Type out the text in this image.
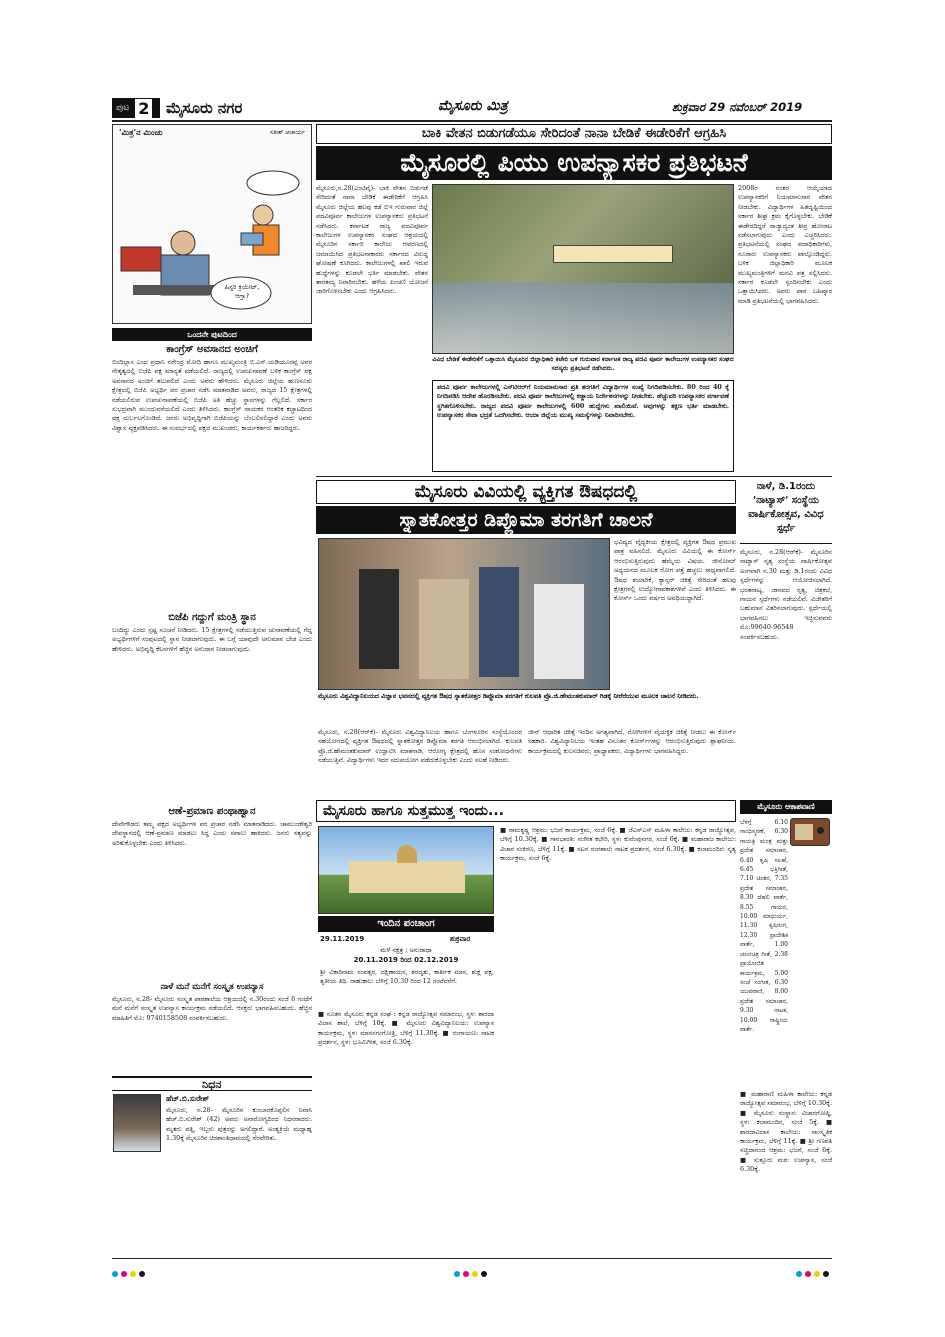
ಪುಟ 2 ಮೈಸೂರು ನಗರ	ಮೈಸೂರು ಮಿತ್ರ	ಶುಕ್ರವಾರ 29 ನವೆಂಬರ್ 2019
'ಮಿತ್ರ'ನ ಮಿಂಚು	ಸತೀಶ್ ಆಚಾರ್ಯ
ಹಿಸ್ಟರಿ ಕ್ರಿಯೇಟ್, ಆಗ್ತಾ?
ಒಂದನೇ ಪುಟದಿಂದ
ಕಾಂಗ್ರೆಸ್ ಅವಸಾನದ ಅಂಚಿಗೆ
ಬಿಂದಿಲ್ಲಾಸ ಎಂದ ಪ್ರಧಾನಿ ನರೇಂದ್ರ ಮೋದಿ ಹಾಗೂ ಮುಖ್ಯಮಂತ್ರಿ ಬಿ.ಎಸ್.ಯಡಿಯೂರಪ್ಪ ಅವರ ನೇತೃತ್ವದಲ್ಲಿ ಬಿಜೆಪಿ ಪಕ್ಷ ಮಾನ್ಯತೆ ಪಡೆಯಲಿದೆ. ರಾಜ್ಯದಲ್ಲಿ ಉಪಚುನಾವಣೆ ಬಳಿಕ ಕಾಂಗ್ರೆಸ್ ಪಕ್ಷ ಅವಸಾನದ ಅಂಚಿಗೆ ತಲುಪಲಿದೆ ಎಂದು ಅವರು ಹೇಳಿದರು. ಮೈಸೂರು ಜಿಲ್ಲೆಯ ಹುಣಸೂರು ಕ್ಷೇತ್ರದಲ್ಲಿ ಬಿಜೆಪಿ ಅಭ್ಯರ್ಥಿ ಪರ ಪ್ರಚಾರ ನಡೆಸಿ ಮಾತನಾಡಿದ ಅವರು, ರಾಜ್ಯದ 15 ಕ್ಷೇತ್ರಗಳಲ್ಲಿ ನಡೆಯಲಿರುವ ಉಪಚುನಾವಣೆಯಲ್ಲಿ ಬಿಜೆಪಿ ಅತಿ ಹೆಚ್ಚು ಸ್ಥಾನಗಳನ್ನು ಗೆಲ್ಲಲಿದೆ. ಸರ್ಕಾರ ಸುಭದ್ರವಾಗಿ ಮುಂದುವರೆಯಲಿದೆ ಎಂದು ತಿಳಿಸಿದರು. ಕಾಂಗ್ರೆಸ್ ನಾಯಕರ ಆಂತರಿಕ ಕಚ್ಚಾಟದಿಂದ ಪಕ್ಷ ದುರ್ಬಲಗೊಂಡಿದೆ. ಜನರು ಅಭಿವೃದ್ಧಿಗಾಗಿ ಬಿಜೆಪಿಯನ್ನು ಬೆಂಬಲಿಸಲಿದ್ದಾರೆ ಎಂದು ಅವರು ವಿಶ್ವಾಸ ವ್ಯಕ್ತಪಡಿಸಿದರು. ಈ ಸಂದರ್ಭದಲ್ಲಿ ಪಕ್ಷದ ಮುಖಂಡರು, ಕಾರ್ಯಕರ್ತರು ಹಾಜರಿದ್ದರು.
ಬಿಜೆಪಿ ಗದ್ದುಗೆ ಮಂತ್ರಿ ಸ್ಥಾನ
ಬಂದಿದ್ದು ಎಂದು ಸ್ಪಷ್ಟ ಸೂಚನೆ ನೀಡಿದರು. 15 ಕ್ಷೇತ್ರಗಳಲ್ಲಿ ನಡೆಯುತ್ತಿರುವ ಚುನಾವಣೆಯಲ್ಲಿ ಗೆದ್ದ ಅಭ್ಯರ್ಥಿಗಳಿಗೆ ಸಂಪುಟದಲ್ಲಿ ಸ್ಥಾನ ನೀಡಲಾಗುವುದು. ಈ ಬಗ್ಗೆ ಯಾವುದೇ ಅನುಮಾನ ಬೇಡ ಎಂದು ಹೇಳಿದರು. ಅಭಿವೃದ್ಧಿ ಕೆಲಸಗಳಿಗೆ ಹೆಚ್ಚಿನ ಅನುದಾನ ನೀಡಲಾಗುವುದು.
ಆಣೆ-ಪ್ರಮಾಣ ಪಂಥಾಹ್ವಾನ
ದೇವೇಗೌಡರು ತಮ್ಮ ಪಕ್ಷದ ಅಭ್ಯರ್ಥಿಗಳ ಪರ ಪ್ರಚಾರ ನಡೆಸಿ ಮಾತನಾಡಿದರು. ಚಾಮುಂಡೇಶ್ವರಿ ದೇವಸ್ಥಾನದಲ್ಲಿ ಆಣೆ-ಪ್ರಮಾಣ ಮಾಡಲು ಸಿದ್ಧ ಎಂದು ಸವಾಲು ಹಾಕಿದರು. ಜನರು ಸತ್ಯವನ್ನು ಅರಿತುಕೊಳ್ಳಬೇಕು ಎಂದು ತಿಳಿಸಿದರು.
ನಾಳೆ ಮನೆ ಮನೆಗೆ ಸಂಸ್ಕೃತ ಉಪನ್ಯಾಸ
ಮೈಸೂರು, ನ.28- ಮೈಸೂರು ಸಂಸ್ಕೃತ ಪಾಠಶಾಲೆಯ ಆಶ್ರಯದಲ್ಲಿ ನ.30ರಂದು ಸಂಜೆ 6 ಗಂಟೆಗೆ ಮನೆ ಮನೆಗೆ ಸಂಸ್ಕೃತ ಉಪನ್ಯಾಸ ಕಾರ್ಯಕ್ರಮ ನಡೆಯಲಿದೆ. ಆಸಕ್ತರು ಭಾಗವಹಿಸಬಹುದು. ಹೆಚ್ಚಿನ ಮಾಹಿತಿಗೆ ಮೊ: 9740158508 ಸಂಪರ್ಕಿಸಬಹುದು.
ನಿಧನ
ಹೆಚ್.ಬಿ.ಸುರೇಶ್
ಮೈಸೂರು, ನ.28- ಮೈಸೂರಿನ ಕುಂಬಾರಕೊಪ್ಪಲಿನ ನಿವಾಸಿ ಹೆಚ್.ಬಿ.ಸುರೇಶ್ (42) ಅವರು ಅನಾರೋಗ್ಯದಿಂದ ನಿಧನರಾದರು. ಮೃತರು ಪತ್ನಿ, ಇಬ್ಬರು ಪುತ್ರರನ್ನು ಅಗಲಿದ್ದಾರೆ. ಅಂತ್ಯಕ್ರಿಯೆ ಮಧ್ಯಾಹ್ನ 1.30ಕ್ಕೆ ಮೈಸೂರಿನ ಚಿರಶಾಂತಿಧಾಮದಲ್ಲಿ ನೆರವೇರಿತು.
ಬಾಕಿ ವೇತನ ಬಿಡುಗಡೆಯೂ ಸೇರಿದಂತೆ ನಾನಾ ಬೇಡಿಕೆ ಈಡೇರಿಕೆಗೆ ಆಗ್ರಹಿಸಿ
ಮೈಸೂರಲ್ಲಿ ಪಿಯು ಉಪನ್ಯಾಸಕರ ಪ್ರತಿಭಟನೆ
ಮೈಸೂರು,ನ.28(ಎಂಟಿವೈ)- ಬಾಕಿ ವೇತನ ಬಿಡುಗಡೆ ಸೇರಿದಂತೆ ನಾನಾ ಬೇಡಿಕೆ ಈಡೇರಿಕೆಗೆ ಆಗ್ರಹಿಸಿ ಮೈಸೂರು ಜಿಲ್ಲೆಯ ಹಲವು ಕಡೆ ಬಿಇ ಗುರುವಾರ ಜಿಲ್ಲೆ ಪದವಿಪೂರ್ವ ಕಾಲೇಜುಗಳ ಉಪನ್ಯಾಸಕರು ಪ್ರತಿಭಟನೆ ನಡೆಸಿದರು. ಕರ್ನಾಟಕ ರಾಜ್ಯ ಪದವಿಪೂರ್ವ ಕಾಲೇಜುಗಳ ಉಪನ್ಯಾಸಕರ ಸಂಘದ ಆಶ್ರಯದಲ್ಲಿ ಮೈಸೂರಿನ ಸರ್ಕಾರಿ ಕಾಲೇಜು ಆವರಣದಲ್ಲಿ ಜಮಾಯಿಸಿದ ಪ್ರತಿಭಟನಾಕಾರರು ಸರ್ಕಾರದ ವಿರುದ್ಧ ಘೋಷಣೆ ಕೂಗಿದರು. ಕಾಲೇಜುಗಳಲ್ಲಿ ಖಾಲಿ ಇರುವ ಹುದ್ದೆಗಳನ್ನು ಕೂಡಲೇ ಭರ್ತಿ ಮಾಡಬೇಕು. ವೇತನ ತಾರತಮ್ಯ ನಿವಾರಿಸಬೇಕು. ಹಳೆಯ ಪಿಂಚಣಿ ಯೋಜನೆ ಜಾರಿಗೊಳಿಸಬೇಕು ಎಂದು ಆಗ್ರಹಿಸಿದರು.
ವಿವಿಧ ಬೇಡಿಕೆ ಈಡೇರಿಕೆಗೆ ಒತ್ತಾಯಿಸಿ ಮೈಸೂರಿನ ಜಿಲ್ಲಾಧಿಕಾರಿ ಕಚೇರಿ ಬಳಿ ಗುರುವಾರ ಕರ್ನಾಟಕ ರಾಜ್ಯ ಪದವಿ ಪೂರ್ವ ಕಾಲೇಜುಗಳ ಉಪನ್ಯಾಸಕರ ಸಂಘದ ಸದಸ್ಯರು ಪ್ರತಿಭಟನೆ ನಡೆಸಿದರು.
2008ರ ನಂತರ ಆಯ್ಕೆಯಾದ ಉಪನ್ಯಾಸಕರಿಗೆ ನಿಯಮಾನುಸಾರ ವೇತನ ನೀಡಬೇಕು. ವಿದ್ಯಾರ್ಥಿಗಳ ಹಿತದೃಷ್ಟಿಯಿಂದ ಸರ್ಕಾರ ಶೀಘ್ರ ಕ್ರಮ ಕೈಗೊಳ್ಳಬೇಕು. ಬೇಡಿಕೆ ಈಡೇರದಿದ್ದರೆ ರಾಜ್ಯಾದ್ಯಂತ ತೀವ್ರ ಹೋರಾಟ ನಡೆಸಲಾಗುವುದು ಎಂದು ಎಚ್ಚರಿಸಿದರು. ಪ್ರತಿಭಟನೆಯಲ್ಲಿ ಸಂಘದ ಪದಾಧಿಕಾರಿಗಳು, ನೂರಾರು ಉಪನ್ಯಾಸಕರು ಪಾಲ್ಗೊಂಡಿದ್ದರು. ಬಳಿಕ ಜಿಲ್ಲಾಧಿಕಾರಿ ಮೂಲಕ ಮುಖ್ಯಮಂತ್ರಿಗಳಿಗೆ ಮನವಿ ಪತ್ರ ಸಲ್ಲಿಸಿದರು. ಸರ್ಕಾರ ಕೂಡಲೇ ಸ್ಪಂದಿಸಬೇಕು ಎಂದು ಒತ್ತಾಯಿಸಿದರು. ಅವರು ಪಾಠ ಬಹಿಷ್ಕಾರ ಮಾಡಿ ಪ್ರತಿಭಟನೆಯಲ್ಲಿ ಭಾಗವಹಿಸಿದರು.
ಪದವಿ ಪೂರ್ವ ಕಾಲೇಜುಗಳಲ್ಲಿ ಎಸ್‌ಟಿಆರ್‌ಗೆ ನಿಯಮಾನುಸಾರ ಪ್ರತಿ ತರಗತಿಗೆ ವಿದ್ಯಾರ್ಥಿಗಳ ಸಂಖ್ಯೆ ನಿಗದಿಪಡಿಸಬೇಕು. 80 ರಿಂದ 40 ಕ್ಕೆ ನಿಗದಿಪಡಿಸಿ ಆದೇಶ ಹೊರಡಿಸಬೇಕು. ಪದವಿ ಪೂರ್ವ ಕಾಲೇಜುಗಳಲ್ಲಿ ಕಡ್ಡಾಯ ನಿರ್ದೇಶನಗಳನ್ನು ನೀಡಬೇಕು. ಹೆಚ್ಚುವರಿ ಉಪನ್ಯಾಸಕರ ವರ್ಗಾವಣೆ ಸ್ಥಗಿತಗೊಳಿಸಬೇಕು. ರಾಜ್ಯದ ಪದವಿ ಪೂರ್ವ ಕಾಲೇಜುಗಳಲ್ಲಿ 600 ಹುದ್ದೆಗಳು ಖಾಲಿಯಿವೆ. ಅವುಗಳನ್ನು ತಕ್ಷಣ ಭರ್ತಿ ಮಾಡಬೇಕು. ಉಪನ್ಯಾಸಕರ ಸೇವಾ ಭದ್ರತೆ ಒದಗಿಸಬೇಕು. ಆಯಾ ಜಿಲ್ಲೆಯ ಮುಖ್ಯ ಸಮಸ್ಯೆಗಳನ್ನು ನಿವಾರಿಸಬೇಕು.
ಮೈಸೂರು ವಿವಿಯಲ್ಲಿ ವ್ಯಕ್ತಿಗತ ಔಷಧದಲ್ಲಿ
ಸ್ನಾತಕೋತ್ತರ ಡಿಪ್ಲೊಮಾ ತರಗತಿಗೆ ಚಾಲನೆ
ಮೈಸೂರು ವಿಶ್ವವಿದ್ಯಾನಿಲಯದ ವಿಜ್ಞಾನ ಭವನದಲ್ಲಿ ವ್ಯಕ್ತಿಗತ ಔಷಧ ಸ್ನಾತಕೋತ್ತರ ಡಿಪ್ಲೊಮಾ ತರಗತಿಗೆ ಕುಲಪತಿ ಪ್ರೊ.ಜಿ.ಹೇಮಂತಕುಮಾರ್ ಗಿಡಕ್ಕೆ ನೀರೆರೆಯುವ ಮೂಲಕ ಚಾಲನೆ ನೀಡಿದರು.
ಭವಿಷ್ಯದ ವೈದ್ಯಕೀಯ ಕ್ಷೇತ್ರದಲ್ಲಿ ವ್ಯಕ್ತಿಗತ ಔಷಧ ಪ್ರಮುಖ ಪಾತ್ರ ವಹಿಸಲಿದೆ. ಮೈಸೂರು ವಿವಿಯಲ್ಲಿ ಈ ಕೋರ್ಸ್ ಆರಂಭಿಸುತ್ತಿರುವುದು ಹೆಮ್ಮೆಯ ವಿಷಯ. ಜೀನೋಮ್ ಅಧ್ಯಯನದ ಮೂಲಕ ರೋಗ ಪತ್ತೆ ಹಚ್ಚಲು ಸಾಧ್ಯವಾಗಲಿದೆ. ಔಷಧ ತಯಾರಿಕೆ, ಕ್ಯಾನ್ಸರ್ ಚಿಕಿತ್ಸೆ ಸೇರಿದಂತೆ ಹಲವು ಕ್ಷೇತ್ರಗಳಲ್ಲಿ ಉದ್ಯೋಗಾವಕಾಶಗಳಿವೆ ಎಂದು ತಿಳಿಸಿದರು. ಈ ಕೋರ್ಸ್ ಒಂದು ವರ್ಷದ ಅವಧಿಯದ್ದಾಗಿದೆ.
ಮೈಸೂರು, ನ.28(ಆರ್‌ಕೆ)- ಮೈಸೂರು ವಿಶ್ವವಿದ್ಯಾನಿಲಯ ಹಾಗೂ ಬೆಂಗಳೂರಿನ ಸಂಸ್ಥೆಯೊಂದರ ಸಹಯೋಗದಲ್ಲಿ ವ್ಯಕ್ತಿಗತ ಔಷಧದಲ್ಲಿ ಸ್ನಾತಕೋತ್ತರ ಡಿಪ್ಲೊಮಾ ತರಗತಿ ಆರಂಭಿಸಲಾಗಿದೆ. ಕುಲಪತಿ ಪ್ರೊ.ಜಿ.ಹೇಮಂತಕುಮಾರ್ ಉದ್ಘಾಟಿಸಿ ಮಾತನಾಡಿ, ಆರೋಗ್ಯ ಕ್ಷೇತ್ರದಲ್ಲಿ ಹೊಸ ಸಂಶೋಧನೆಗಳು ನಡೆಯುತ್ತಿವೆ. ವಿದ್ಯಾರ್ಥಿಗಳು ಇದರ ಸದುಪಯೋಗ ಪಡೆದುಕೊಳ್ಳಬೇಕು ಎಂದು ಸಲಹೆ ನೀಡಿದರು.
ಜೀನ್ ಆಧಾರಿತ ಚಿಕಿತ್ಸೆ ಇಂದಿನ ಅಗತ್ಯವಾಗಿದೆ. ರೋಗಿಗಳಿಗೆ ವೈಯಕ್ತಿಕ ಚಿಕಿತ್ಸೆ ನೀಡಲು ಈ ಕೋರ್ಸ್ ಸಹಕಾರಿ. ವಿಶ್ವವಿದ್ಯಾನಿಲಯ ಇಂತಹ ವಿನೂತನ ಕೋರ್ಸ್‌ಗಳನ್ನು ಆರಂಭಿಸುತ್ತಿರುವುದು ಶ್ಲಾಘನೀಯ. ಕಾರ್ಯಕ್ರಮದಲ್ಲಿ ಕುಲಸಚಿವರು, ಪ್ರಾಧ್ಯಾಪಕರು, ವಿದ್ಯಾರ್ಥಿಗಳು ಭಾಗವಹಿಸಿದ್ದರು.
ನಾಳೆ, ಡಿ.1ರಂದು 'ನಾಟ್ಯಾಸ್' ಸಂಸ್ಥೆಯ ವಾರ್ಷಿಕೋತ್ಸವ, ವಿವಿಧ ಸ್ಪರ್ಧೆ
ಮೈಸೂರು, ನ.28(ಆರ್‌ಕೆ)- ಮೈಸೂರಿನ ನಾಟ್ಯಾಸ್ ನೃತ್ಯ ಸಂಸ್ಥೆಯ ವಾರ್ಷಿಕೋತ್ಸವ ಅಂಗವಾಗಿ ನ.30 ಮತ್ತು ಡಿ.1ರಂದು ವಿವಿಧ ಸ್ಪರ್ಧೆಗಳನ್ನು ಆಯೋಜಿಸಲಾಗಿದೆ. ಭರತನಾಟ್ಯ, ಜಾನಪದ ನೃತ್ಯ, ಚಿತ್ರಕಲೆ, ಗಾಯನ ಸ್ಪರ್ಧೆಗಳು ನಡೆಯಲಿವೆ. ವಿಜೇತರಿಗೆ ಬಹುಮಾನ ವಿತರಿಸಲಾಗುವುದು. ಸ್ಪರ್ಧೆಯಲ್ಲಿ ಭಾಗವಹಿಸಲು ಇಚ್ಛಿಸುವವರು ಮೊ:99640-96548 ಸಂಪರ್ಕಿಸಬಹುದು.
ಮೈಸೂರು ಹಾಗೂ ಸುತ್ತಮುತ್ತ ಇಂದು...
ಇಂದಿನ ಪಂಚಾಂಗ
29.11.2019	ಶುಕ್ರವಾರ
ಮಳೆ ನಕ್ಷತ್ರ : ಅನುರಾಧಾ
20.11.2019 ರಿಂದ 02.12.2019
ಶ್ರೀ ವಿಕಾರಿನಾಮ ಸಂವತ್ಸರ, ದಕ್ಷಿಣಾಯನ, ಶರದೃತು, ಕಾರ್ತೀಕ ಮಾಸ, ಶುಕ್ಲ ಪಕ್ಷ, ತೃತೀಯ ತಿಥಿ. ರಾಹುಕಾಲ: ಬೆಳಿಗ್ಗೆ 10.30 ರಿಂದ 12 ಗಂಟೆವರೆಗೆ.
■ ನೂತನ ಮೈಸೂರು ಕನ್ನಡ ಸಂಘ : ಕನ್ನಡ ರಾಜ್ಯೋತ್ಸವ ಸಮಾರಂಭ, ಸ್ಥಳ: ಶಾರದಾ ವಿಲಾಸ ಶಾಲೆ, ಬೆಳಿಗ್ಗೆ 10ಕ್ಕೆ. ■ ಮೈಸೂರು ವಿಶ್ವವಿದ್ಯಾನಿಲಯ: ಉಪನ್ಯಾಸ ಕಾರ್ಯಕ್ರಮ, ಸ್ಥಳ: ಮಾನಸಗಂಗೋತ್ರಿ, ಬೆಳಿಗ್ಗೆ 11.30ಕ್ಕೆ. ■ ರಂಗಾಯಣ: ನಾಟಕ ಪ್ರದರ್ಶನ, ಸ್ಥಳ: ಭೂಮಿಗೀತ, ಸಂಜೆ 6.30ಕ್ಕೆ.
■ ರಾಮಕೃಷ್ಣ ಆಶ್ರಮ: ಭಜನೆ ಕಾರ್ಯಕ್ರಮ, ಸಂಜೆ 6ಕ್ಕೆ. ■ ಜೆಎಸ್‌ಎಸ್ ಮಹಿಳಾ ಕಾಲೇಜು: ಕನ್ನಡ ರಾಜ್ಯೋತ್ಸವ, ಬೆಳಿಗ್ಗೆ 10.30ಕ್ಕೆ. ■ ಗಾನಭಾರತಿ: ಸಂಗೀತ ಕಛೇರಿ, ಸ್ಥಳ: ಕುವೆಂಪುನಗರ, ಸಂಜೆ 6ಕ್ಕೆ. ■ ಮಹಾರಾಜ ಕಾಲೇಜು: ವಿಚಾರ ಸಂಕಿರಣ, ಬೆಳಿಗ್ಗೆ 11ಕ್ಕೆ. ■ ನಟನ ರಂಗಶಾಲೆ: ನಾಟಕ ಪ್ರದರ್ಶನ, ಸಂಜೆ 6.30ಕ್ಕೆ. ■ ಕಲಾಮಂದಿರ: ನೃತ್ಯ ಕಾರ್ಯಕ್ರಮ, ಸಂಜೆ 6ಕ್ಕೆ.
ಮೈಸೂರು ಆಕಾಶವಾಣಿ
ಬೆಳಿಗ್ಗೆ 6.10 ಗಾಂಧಿಸ್ಮರಣೆ, 6.30 ಗಾಯತ್ರಿ ಮಂತ್ರ ಮತ್ತು ಪ್ರದೇಶ ಸಮಾಚಾರ, 6.40 ಕೃಷಿ ಸಲಹೆ, 6.45 ಭಕ್ತಿಗೀತೆ, 7.10 ಚಿಂತನ, 7.35 ಪ್ರದೇಶ ಸಮಾಚಾರ, 8.30 ದೆಹಲಿ ವಾರ್ತೆ, 8.55 ಗಾಯನ, 10.00 ಮಾಧುರ್ಯ, 11.30 ಕೃಷಿರಂಗ, 12.30 ಪ್ರಾದೇಶಿಕ ವಾರ್ತೆ, 1.00 ಚಲನಚಿತ್ರ ಗೀತೆ, 2.38 ಪ್ರಾಯೋಜಿತ ಕಾರ್ಯಕ್ರಮ, 5.00 ಸಂಜೆ ಸಂಗೀತ, 6.30 ಯುವವಾಣಿ, 8.00 ಪ್ರದೇಶ ಸಮಾಚಾರ, 9.30 ನಾಟಕ, 10.00 ರಾಷ್ಟ್ರೀಯ ವಾರ್ತೆ.
■ ಮಹಾರಾಣಿ ಮಹಿಳಾ ಕಾಲೇಜು: ಕನ್ನಡ ರಾಜ್ಯೋತ್ಸವ ಸಮಾರಂಭ, ಬೆಳಿಗ್ಗೆ 10.30ಕ್ಕೆ. ■ ಮೈಸೂರು ಸಂಸ್ಥಾನ: ವಿಚಾರಗೋಷ್ಠಿ, ಸ್ಥಳ: ಕಲಾಮಂದಿರ, ಸಂಜೆ 5ಕ್ಕೆ. ■ ಶಾರದಾವಿಲಾಸ ಕಾಲೇಜು: ಸಾಂಸ್ಕೃತಿಕ ಕಾರ್ಯಕ್ರಮ, ಬೆಳಿಗ್ಗೆ 11ಕ್ಕೆ. ■ ಶ್ರೀ ಗಣಪತಿ ಸಚ್ಚಿದಾನಂದ ಆಶ್ರಮ: ಭಜನೆ, ಸಂಜೆ 6ಕ್ಕೆ. ■ ಸುತ್ತೂರು ಮಠ: ಉಪನ್ಯಾಸ, ಸಂಜೆ 6.30ಕ್ಕೆ.
